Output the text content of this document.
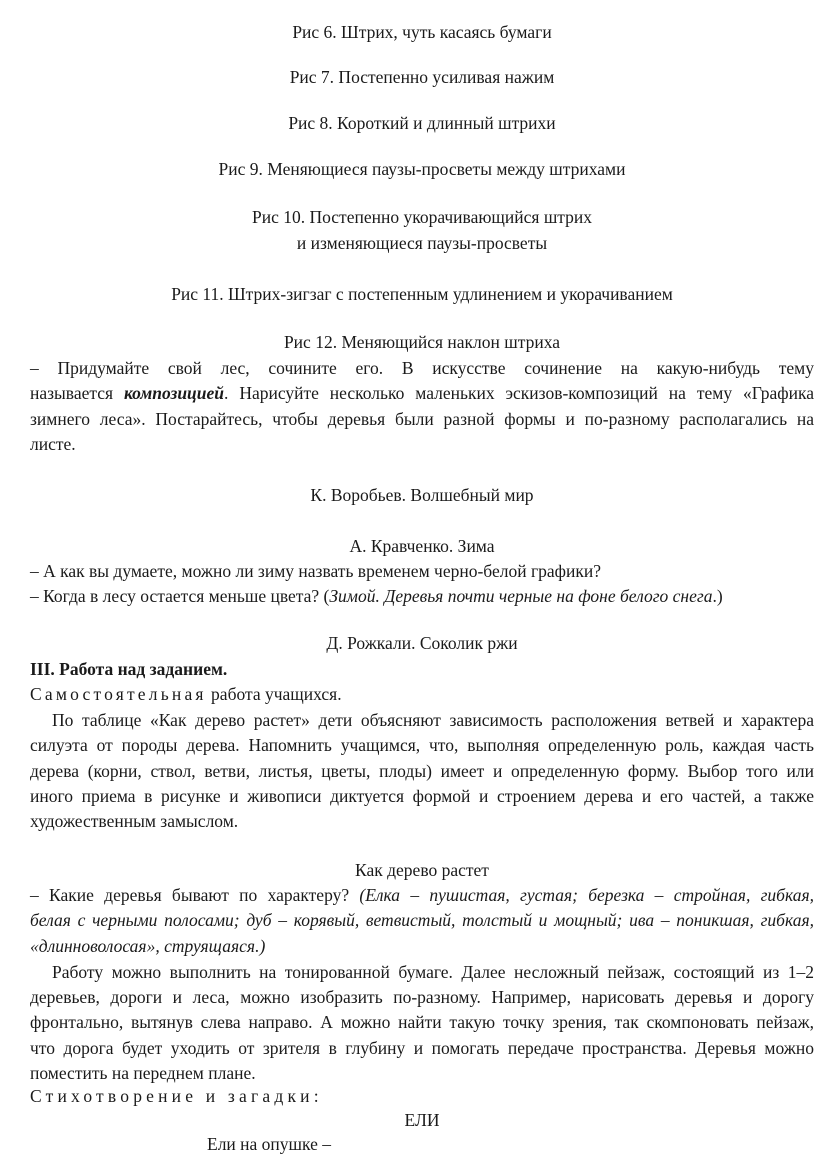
Рис 6. Штрих, чуть касаясь бумаги

Рис 7. Постепенно усиливая нажим

Рис 8. Короткий и длинный штрихи

Рис 9. Меняющиеся паузы-просветы между штрихами

Рис 10. Постепенно укорачивающийся штрих

и изменяющиеся паузы-просветы

Рис 11. Штрих-зигзаг с постепенным удлинением и укорачиванием

Рис 12. Меняющийся наклон штриха

– Придумайте свой лес, сочините его. В искусстве сочинение на какую-нибудь тему

называется композицией. Нарисуйте несколько маленьких эскизов-композиций на тему «Графика

зимнего леса». Постарайтесь, чтобы деревья были разной формы и по-разному располагались на

листе.

К. Воробьев. Волшебный мир

А. Кравченко. Зима

– А как вы думаете, можно ли зиму назвать временем черно-белой графики?

– Когда в лесу остается меньше цвета? (Зимой. Деревья почти черные на фоне белого снега.)

Д. Рожкали. Соколик ржи

III. Работа над заданием.

Самостоятельная работа учащихся.

По таблице «Как дерево растет» дети объясняют зависимость расположения ветвей и характера

силуэта от породы дерева. Напомнить учащимся, что, выполняя определенную роль, каждая часть

дерева (корни, ствол, ветви, листья, цветы, плоды) имеет и определенную форму. Выбор того или

иного приема в рисунке и живописи диктуется формой и строением дерева и его частей, а также

художественным замыслом.

Как дерево растет

– Какие деревья бывают по характеру? (Елка – пушистая, густая; березка – стройная, гибкая,

белая с черными полосами; дуб – корявый, ветвистый, толстый и мощный; ива – поникшая, гибкая,

«длинноволосая», струящаяся.)

Работу можно выполнить на тонированной бумаге. Далее несложный пейзаж, состоящий из 1–2

деревьев, дороги и леса, можно изобразить по-разному. Например, нарисовать деревья и дорогу

фронтально, вытянув слева направо. А можно найти такую точку зрения, так скомпоновать пейзаж,

что дорога будет уходить от зрителя в глубину и помогать передаче пространства. Деревья можно

поместить на переднем плане.

Стихотворение и загадки:

ЕЛИ

Ели на опушке –
